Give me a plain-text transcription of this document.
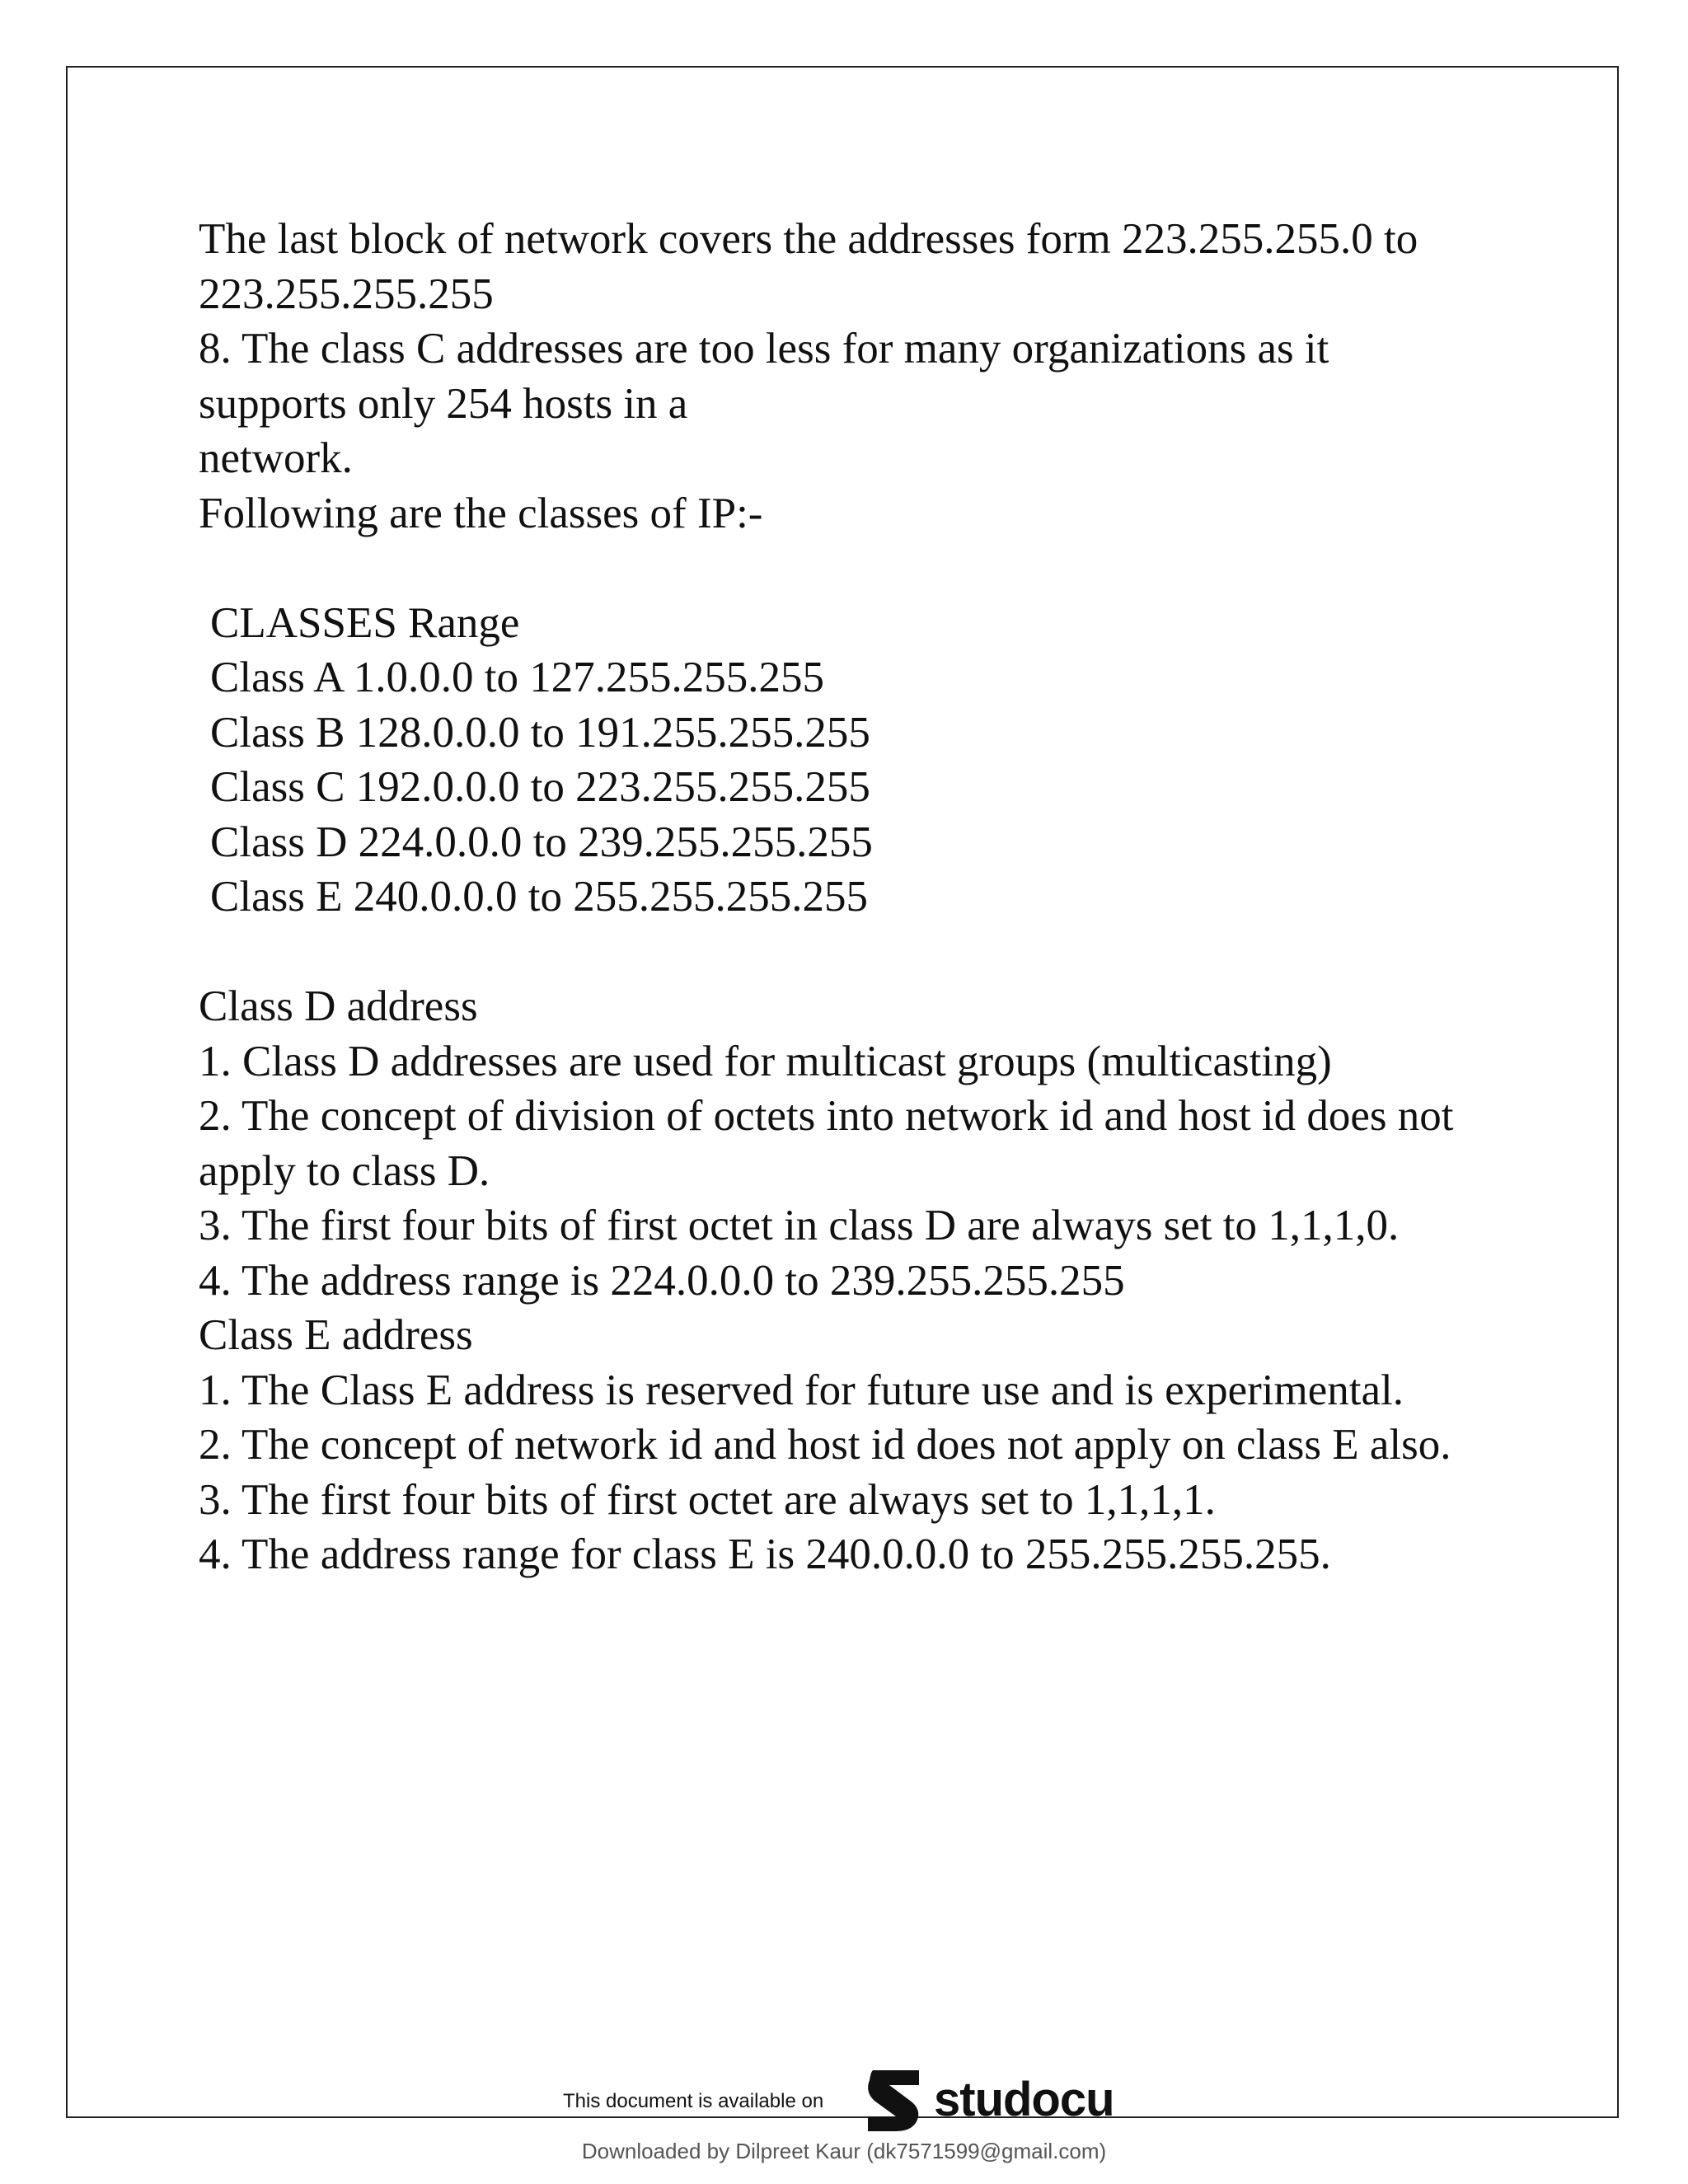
The last block of network covers the addresses form 223.255.255.0 to
223.255.255.255
8. The class C addresses are too less for many organizations as it
supports only 254 hosts in a
network.
Following are the classes of IP:-
CLASSES Range
Class A 1.0.0.0 to 127.255.255.255
Class B 128.0.0.0 to 191.255.255.255
Class C 192.0.0.0 to 223.255.255.255
Class D 224.0.0.0 to 239.255.255.255
Class E 240.0.0.0 to 255.255.255.255
Class D address
1. Class D addresses are used for multicast groups (multicasting)
2. The concept of division of octets into network id and host id does not
apply to class D.
3. The first four bits of first octet in class D are always set to 1,1,1,0.
4. The address range is 224.0.0.0 to 239.255.255.255
Class E address
1. The Class E address is reserved for future use and is experimental.
2. The concept of network id and host id does not apply on class E also.
3. The first four bits of first octet are always set to 1,1,1,1.
4. The address range for class E is 240.0.0.0 to 255.255.255.255.
This document is available on studocu
Downloaded by Dilpreet Kaur (dk7571599@gmail.com)
